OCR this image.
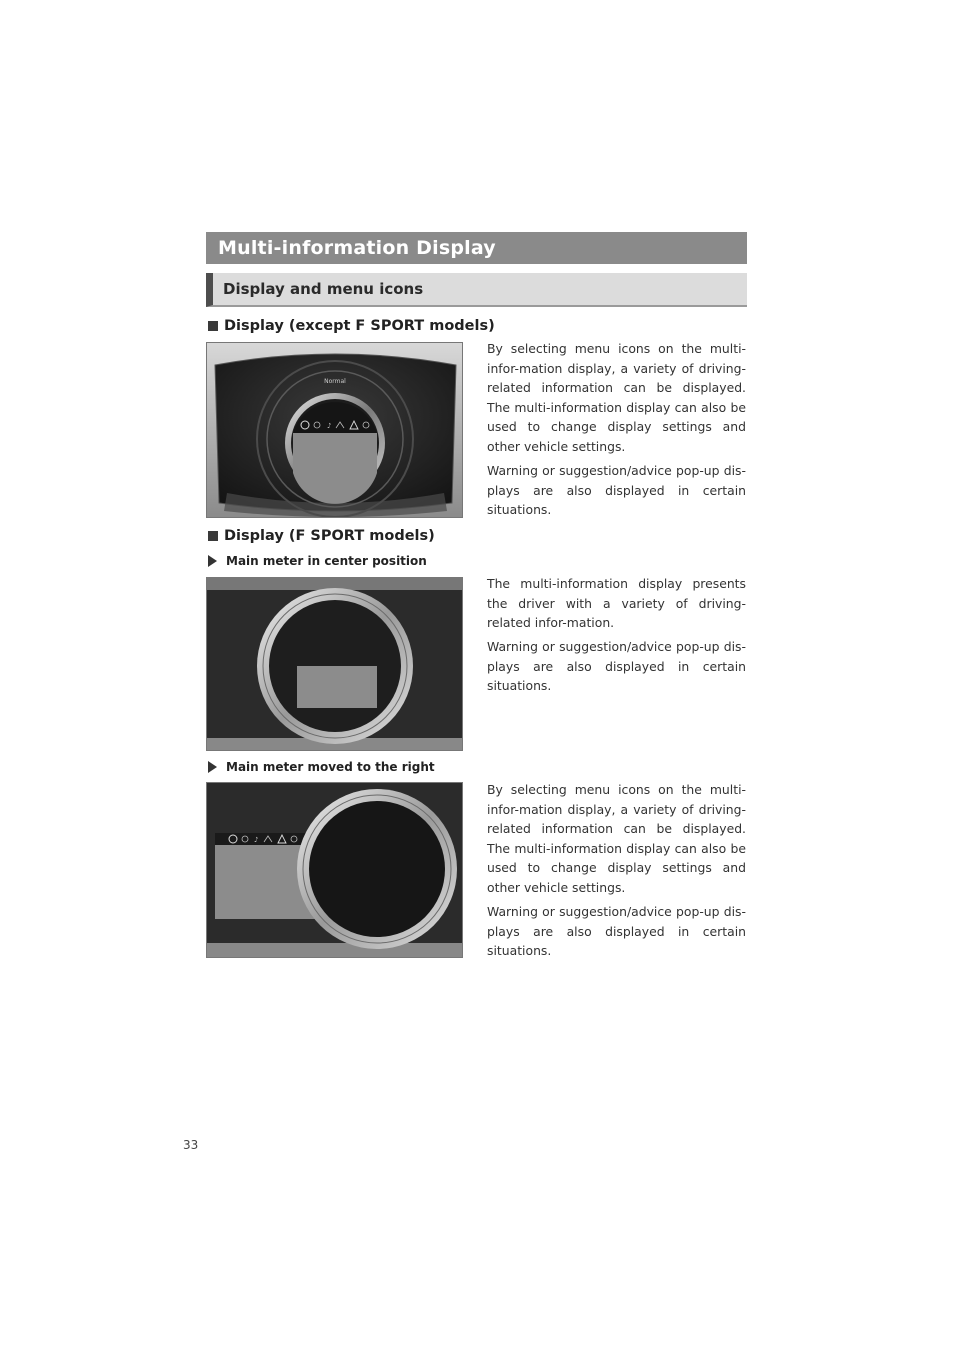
Multi-information Display
Display and menu icons
Display (except F SPORT models)
Normal
♪

By selecting menu icons on the multi-infor-mation display, a variety of driving-related information can be displayed. The multi-information display can also be used to change display settings and other vehicle settings.

Warning or suggestion/advice pop-up dis-plays are also displayed in certain situations.

Display (F SPORT models)
Main meter in center position

The multi-information display presents the driver with a variety of driving-related infor-mation.

Warning or suggestion/advice pop-up dis-plays are also displayed in certain situations.

Main meter moved to the right
♪

By selecting menu icons on the multi-infor-mation display, a variety of driving-related information can be displayed. The multi-information display can also be used to change display settings and other vehicle settings.

Warning or suggestion/advice pop-up dis-plays are also displayed in certain situations.

33
